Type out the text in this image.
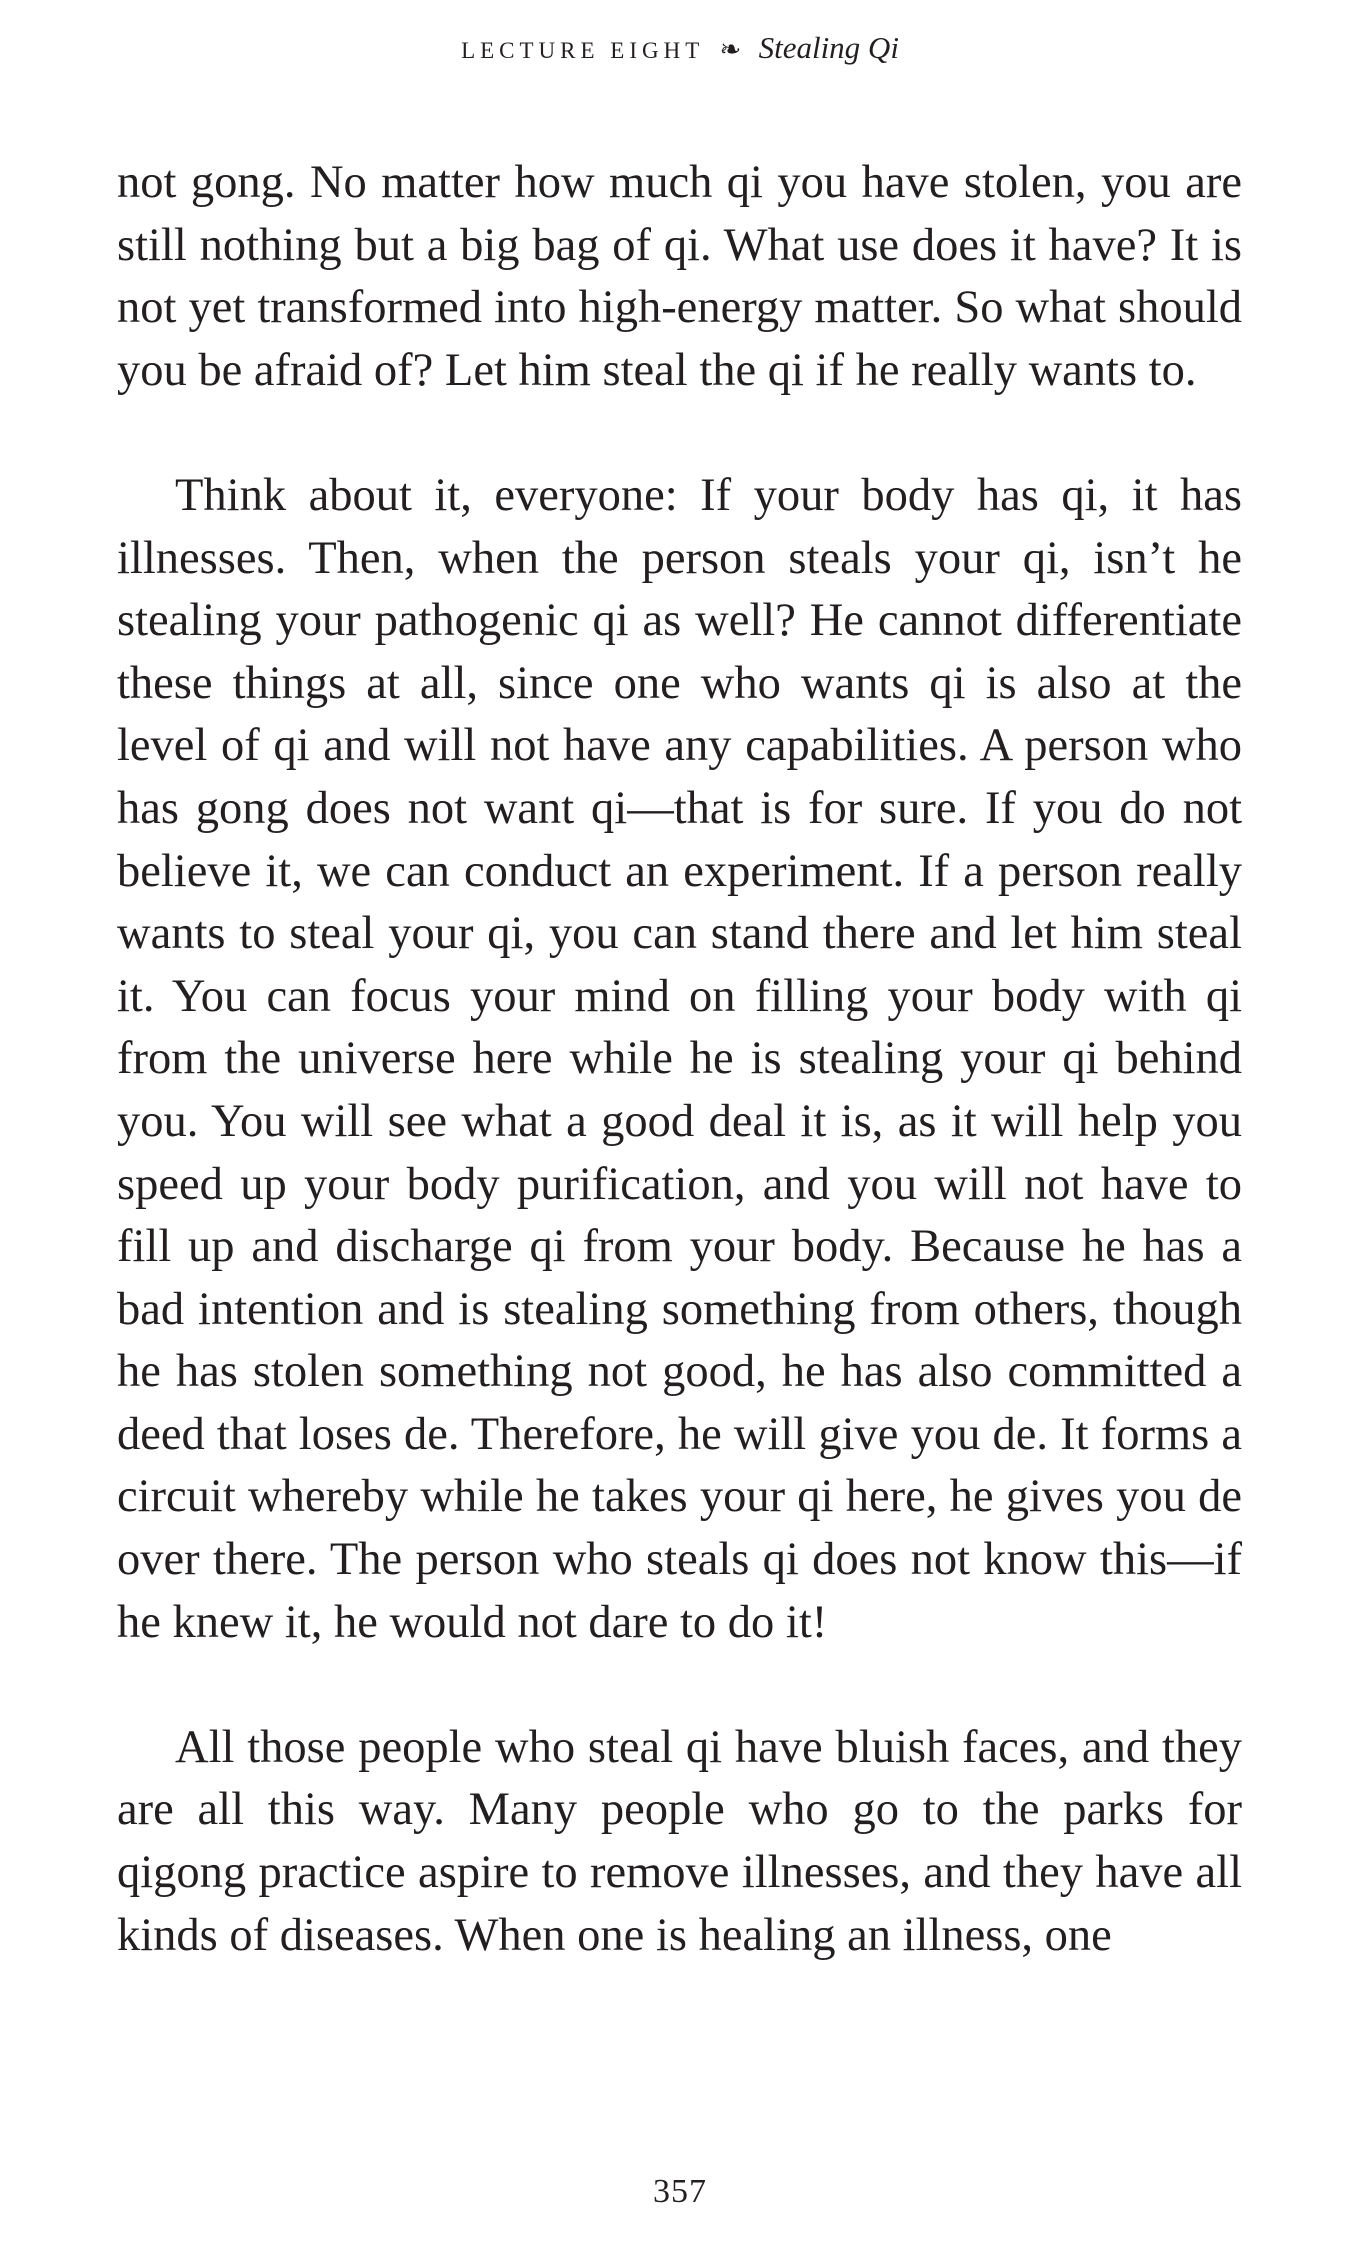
LECTURE EIGHT ❧ Stealing Qi

not gong. No matter how much qi you have stolen, you are still nothing but a big bag of qi. What use does it have? It is not yet transformed into high-energy matter. So what should you be afraid of? Let him steal the qi if he really wants to.

Think about it, everyone: If your body has qi, it has illnesses. Then, when the person steals your qi, isn’t he stealing your pathogenic qi as well? He cannot differentiate these things at all, since one who wants qi is also at the level of qi and will not have any capabilities. A person who has gong does not want qi—that is for sure. If you do not believe it, we can conduct an experiment. If a person really wants to steal your qi, you can stand there and let him steal it. You can focus your mind on filling your body with qi from the universe here while he is stealing your qi behind you. You will see what a good deal it is, as it will help you speed up your body purification, and you will not have to fill up and discharge qi from your body. Because he has a bad intention and is stealing something from others, though he has stolen something not good, he has also committed a deed that loses de. Therefore, he will give you de. It forms a circuit whereby while he takes your qi here, he gives you de over there. The person who steals qi does not know this—if he knew it, he would not dare to do it!

All those people who steal qi have bluish faces, and they are all this way. Many people who go to the parks for qigong practice aspire to remove illnesses, and they have all kinds of diseases. When one is healing an illness, one

357
